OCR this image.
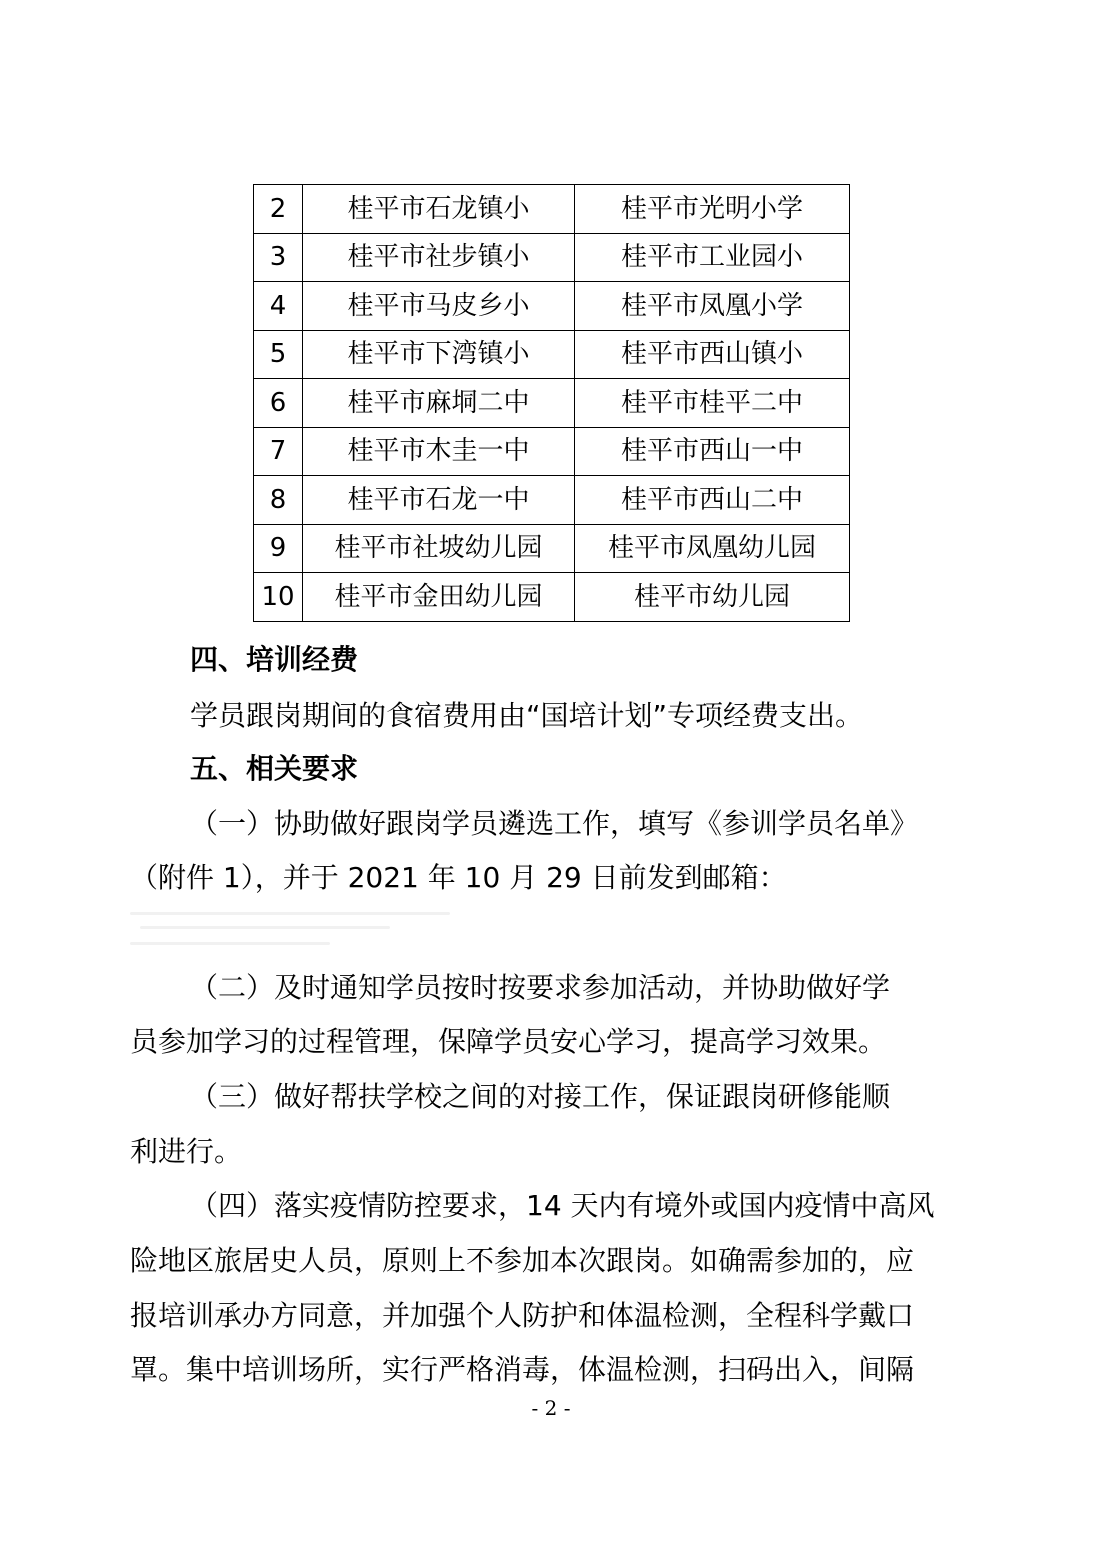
2	桂平市石龙镇小	桂平市光明小学
3	桂平市社步镇小	桂平市工业园小
4	桂平市马皮乡小	桂平市凤凰小学
5	桂平市下湾镇小	桂平市西山镇小
6	桂平市麻垌二中	桂平市桂平二中
7	桂平市木圭一中	桂平市西山一中
8	桂平市石龙一中	桂平市西山二中
9	桂平市社坡幼儿园	桂平市凤凰幼儿园
10	桂平市金田幼儿园	桂平市幼儿园
四、培训经费
学员跟岗期间的食宿费用由“国培计划”专项经费支出。
五、相关要求
（一）协助做好跟岗学员遴选工作，填写《参训学员名单》
（附件 1），并于 2021 年 10 月 29 日前发到邮箱：
（二）及时通知学员按时按要求参加活动，并协助做好学
员参加学习的过程管理，保障学员安心学习，提高学习效果。
（三）做好帮扶学校之间的对接工作，保证跟岗研修能顺
利进行。
（四）落实疫情防控要求，14 天内有境外或国内疫情中高风
险地区旅居史人员，原则上不参加本次跟岗。如确需参加的，应
报培训承办方同意，并加强个人防护和体温检测，全程科学戴口
罩。集中培训场所，实行严格消毒，体温检测，扫码出入，间隔
- 2 -
